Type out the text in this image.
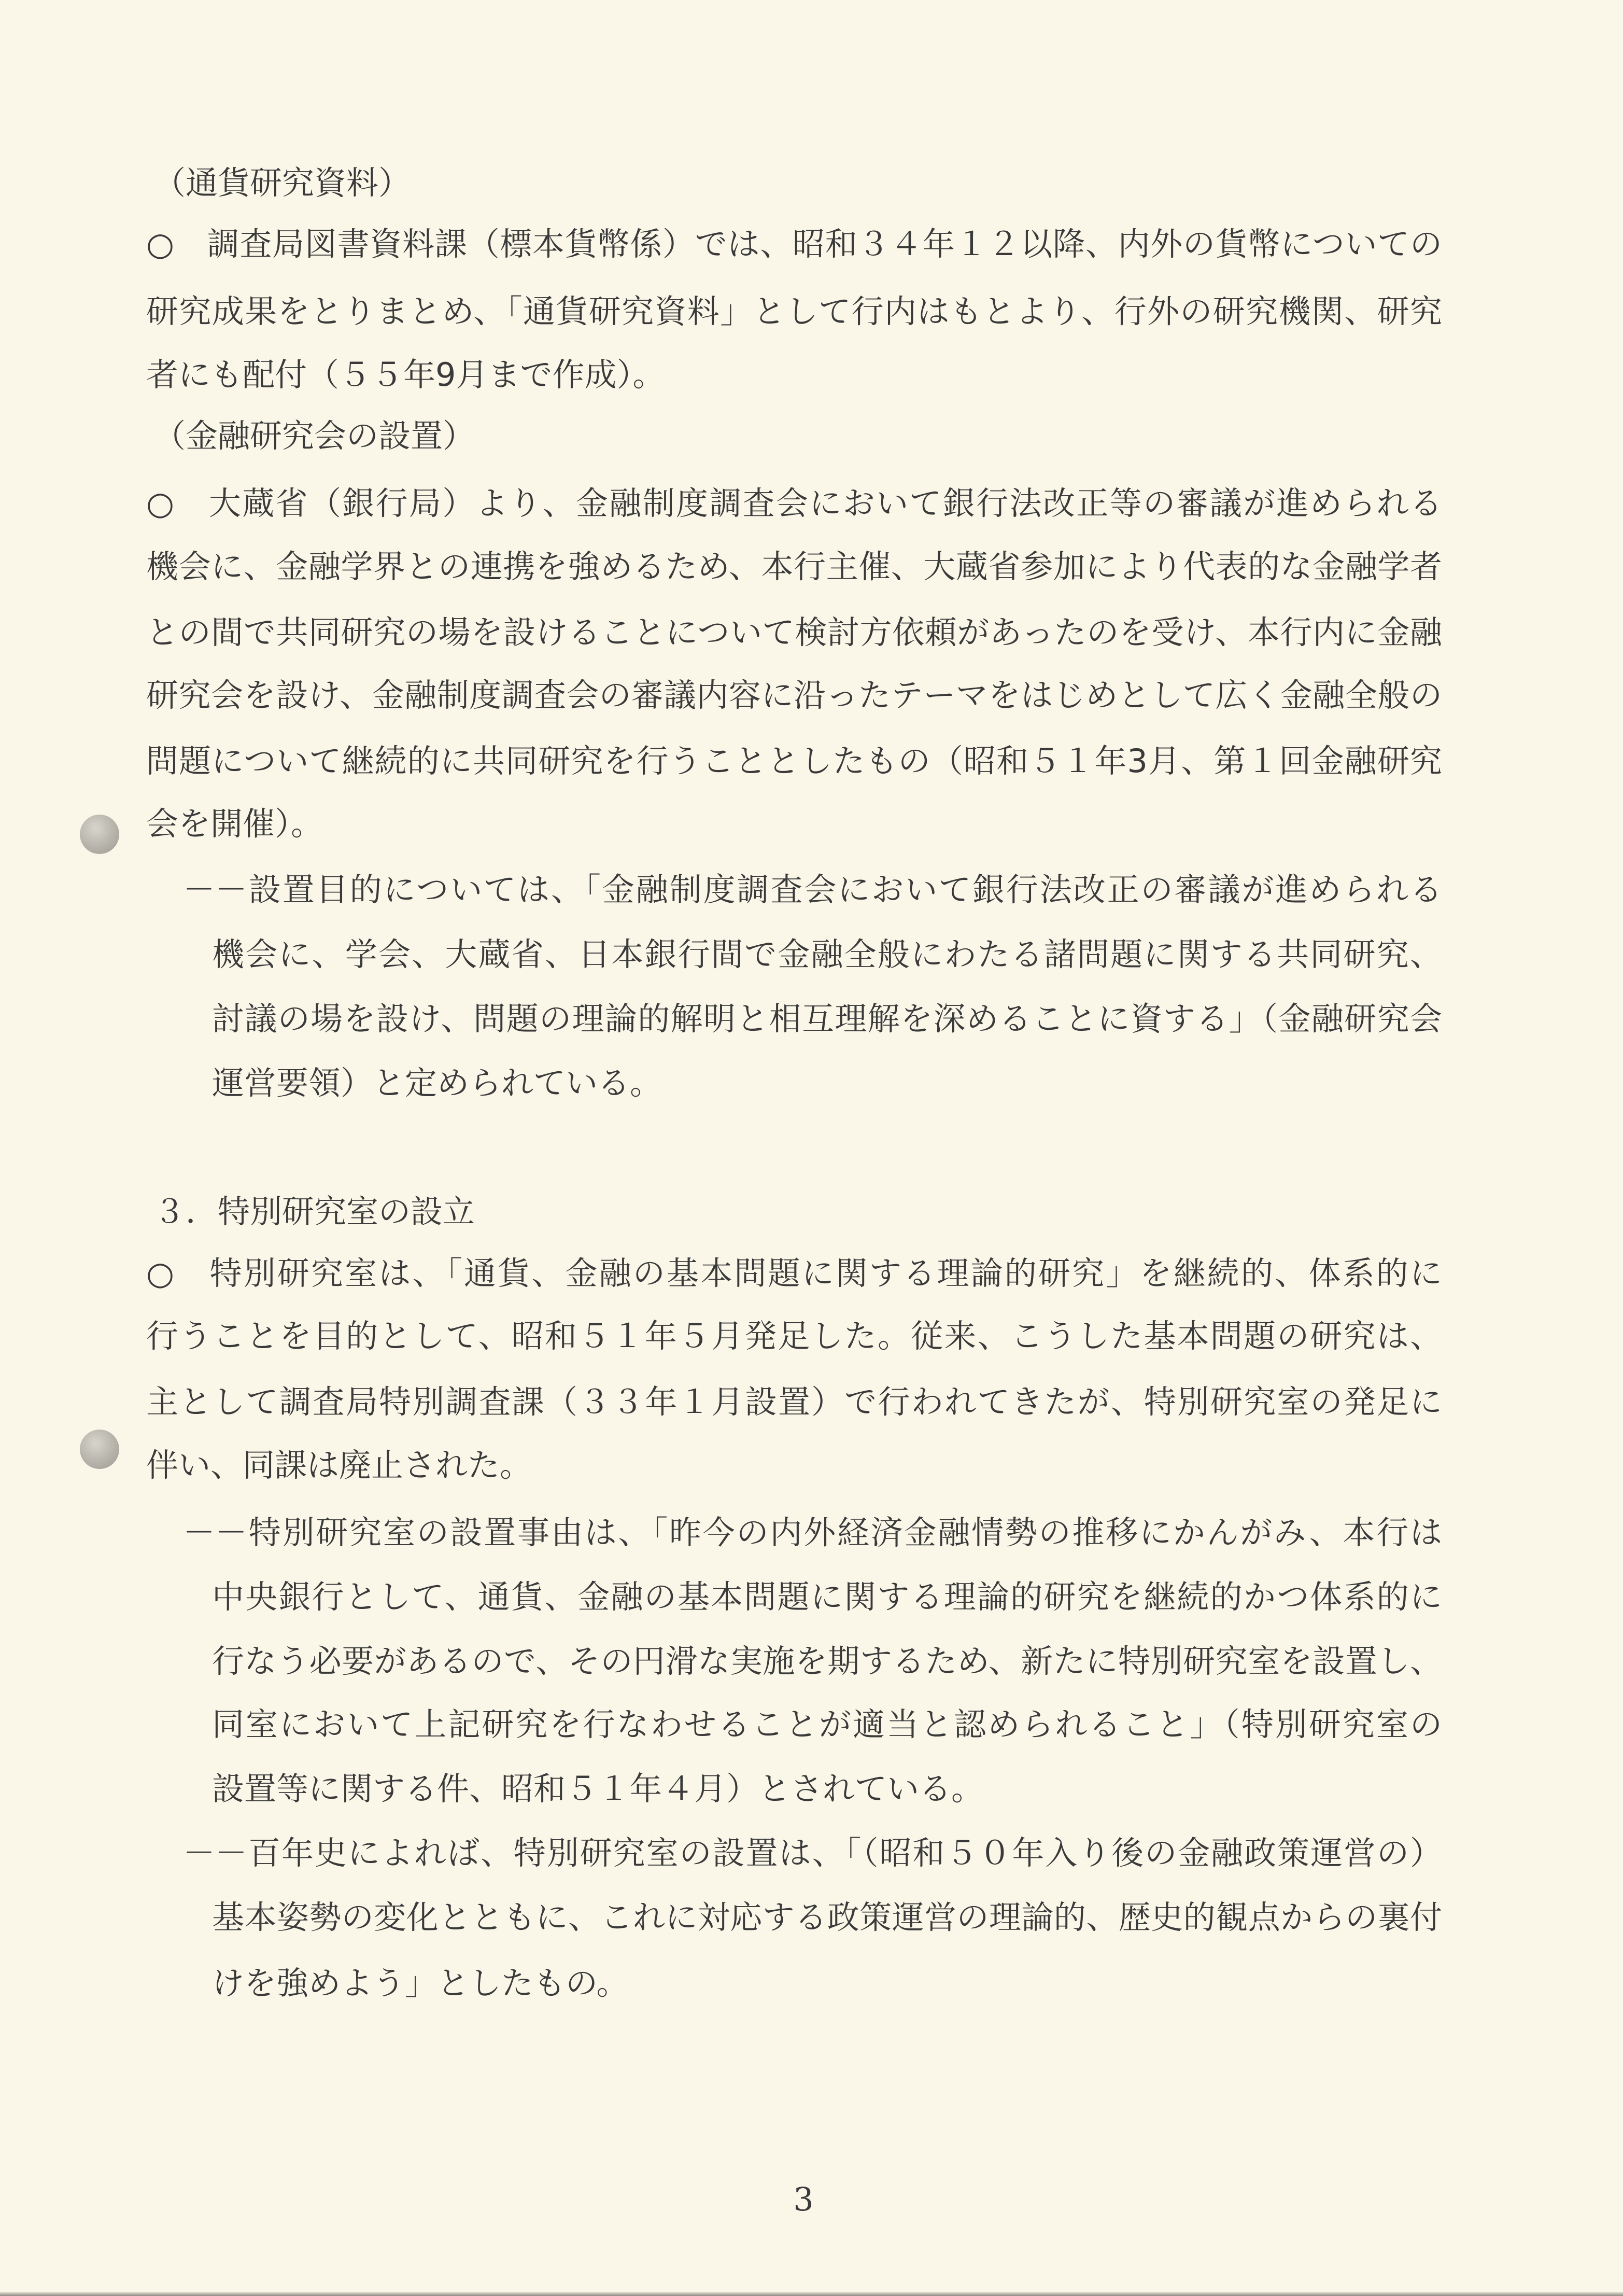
（通貨研究資料）
○　調査局図書資料課（標本貨幣係）では、昭和３４年１２以降、内外の貨幣についての
研究成果をとりまとめ、「通貨研究資料」として行内はもとより、行外の研究機関、研究
者にも配付（５５年9月まで作成）。
（金融研究会の設置）
○　大蔵省（銀行局）より、金融制度調査会において銀行法改正等の審議が進められる
機会に、金融学界との連携を強めるため、本行主催、大蔵省参加により代表的な金融学者
との間で共同研究の場を設けることについて検討方依頼があったのを受け、本行内に金融
研究会を設け、金融制度調査会の審議内容に沿ったテーマをはじめとして広く金融全般の
問題について継続的に共同研究を行うこととしたもの（昭和５１年3月、第１回金融研究
会を開催）。
－－設置目的については、「金融制度調査会において銀行法改正の審議が進められる
機会に、学会、大蔵省、日本銀行間で金融全般にわたる諸問題に関する共同研究、
討議の場を設け、問題の理論的解明と相互理解を深めることに資する」（金融研究会
運営要領）と定められている。
３．特別研究室の設立
○　特別研究室は、「通貨、金融の基本問題に関する理論的研究」を継続的、体系的に
行うことを目的として、昭和５１年５月発足した。従来、こうした基本問題の研究は、
主として調査局特別調査課（３３年１月設置）で行われてきたが、特別研究室の発足に
伴い、同課は廃止された。
－－特別研究室の設置事由は、「昨今の内外経済金融情勢の推移にかんがみ、本行は
中央銀行として、通貨、金融の基本問題に関する理論的研究を継続的かつ体系的に
行なう必要があるので、その円滑な実施を期するため、新たに特別研究室を設置し、
同室において上記研究を行なわせることが適当と認められること」（特別研究室の
設置等に関する件、昭和５１年４月）とされている。
－－百年史によれば、特別研究室の設置は、「（昭和５０年入り後の金融政策運営の）
基本姿勢の変化とともに、これに対応する政策運営の理論的、歴史的観点からの裏付
けを強めよう」としたもの。
3
